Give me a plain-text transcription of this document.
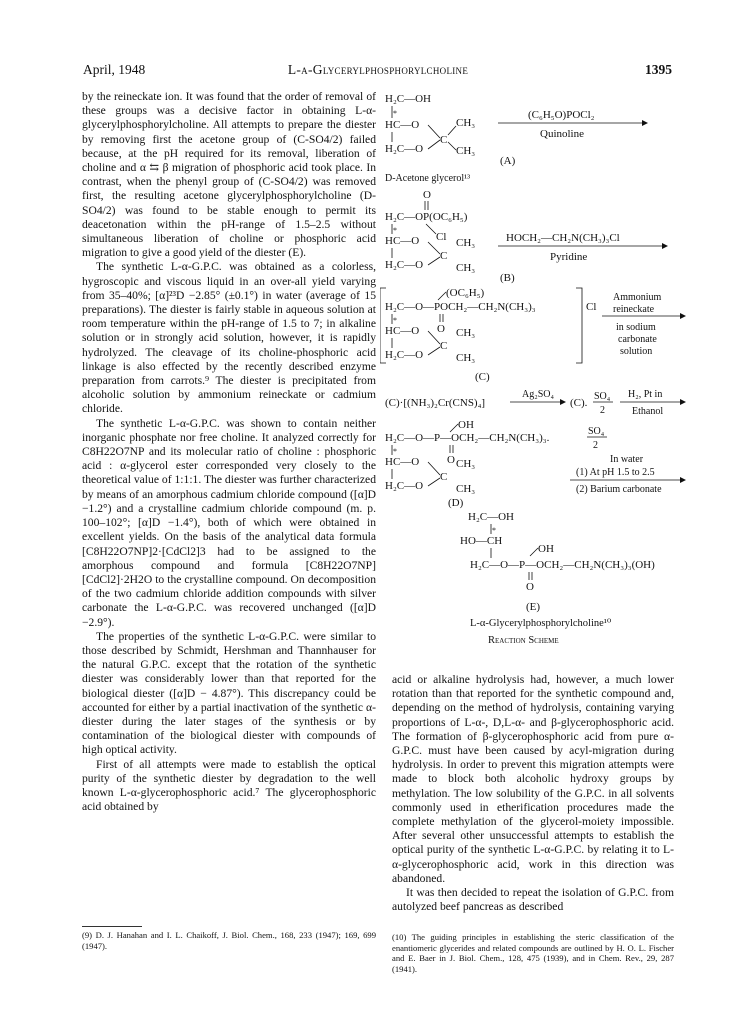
April, 1948	L-α-Glycerylphosphorylcholine	1395

by the reineckate ion. It was found that the order of removal of these groups was a decisive factor in obtaining L-α-glycerylphosphorylcholine. All attempts to prepare the diester by removing first the acetone group of (C-SO4/2) failed because, at the pH required for its removal, liberation of choline and α ⇆ β migration of phosphoric acid took place. In contrast, when the phenyl group of (C-SO4/2) was removed first, the resulting acetone glycerylphosphorylcholine (D-SO4/2) was found to be stable enough to permit its deacetonation within the pH-range of 1.5–2.5 without simultaneous liberation of choline or phosphoric acid migration to give a good yield of the diester (E).

The synthetic L-α-G.P.C. was obtained as a colorless, hygroscopic and viscous liquid in an over-all yield varying from 35–40%; [α]²³D −2.85° (±0.1°) in water (average of 15 preparations). The diester is fairly stable in aqueous solution at room temperature within the pH-range of 1.5 to 7; in alkaline solution or in strongly acid solution, however, it is rapidly hydrolyzed. The cleavage of its choline-phosphoric acid linkage is also effected by the recently described enzyme preparation from carrots.⁹ The diester is precipitated from alcoholic solution by ammonium reineckate or cadmium chloride.

The synthetic L-α-G.P.C. was shown to contain neither inorganic phosphate nor free choline. It analyzed correctly for C8H22O7NP and its molecular ratio of choline : phosphoric acid : α-glycerol ester corresponded very closely to the theoretical value of 1:1:1. The diester was further characterized by means of an amorphous cadmium chloride compound ([α]D −1.2°) and a crystalline cadmium chloride compound (m. p. 100–102°; [α]D −1.4°), both of which were obtained in excellent yields. On the basis of the analytical data formula [C8H22O7NP]2·[CdCl2]3 had to be assigned to the amorphous compound and formula [C8H22O7NP][CdCl2]·2H2O to the crystalline compound. On decomposition of the two cadmium chloride addition compounds with silver carbonate the L-α-G.P.C. was recovered unchanged ([α]D −2.9°).

The properties of the synthetic L-α-G.P.C. were similar to those described by Schmidt, Hershman and Thannhauser for the natural G.P.C. except that the rotation of the synthetic diester was considerably lower than that reported for the biological diester ([α]D − 4.87°). This discrepancy could be accounted for either by a partial inactivation of the synthetic α-diester during the later stages of the synthesis or by contamination of the biological diester with compounds of high optical activity.

First of all attempts were made to establish the optical purity of the synthetic diester by degradation to the well known L-α-glycerophosphoric acid.⁷ The glycerophosphoric acid obtained by

(9) D. J. Hanahan and I. L. Chaikoff, J. Biol. Chem., 168, 233 (1947); 169, 699 (1947).
H₂C—OH
*
HC—O
H₂C—O
C
CH₃
CH₃
(C₆H₅O)POCl₂
Quinoline
(A)
D-Acetone glycerol¹³
O
H₂C—OP(OC₆H₅)
*
HC—O Cl
H₂C—O
C
CH₃
CH₃
HOCH₂—CH₂N(CH₃)₃Cl
Pyridine
(B)
(OC₆H₅)
H₂C—O—POCH₂—CH₂N(CH₃)₃	Cl
O
*
HC—O
H₂C—O
C
CH₃
CH₃
Ammonium
reineckate
in sodium
carbonate
solution
(C)
(C)·[(NH₃)₂Cr(CNS)₄]
Ag₂SO₄
(C).
SO₄
2
H₂, Pt in
Ethanol
OH
H₂C—O—P—OCH₂—CH₂N(CH₃)₃.
SO₄
2
O
*
HC—O
H₂C—O
C
CH₃
CH₃
(D)
In water
(1) At pH 1.5 to 2.5
(2) Barium carbonate
H₂C—OH
*
HO—CH
OH
H₂C—O—P—OCH₂—CH₂N(CH₃)₃(OH)
O
(E)
L-α-Glycerylphosphorylcholine¹⁰
Reaction Scheme

acid or alkaline hydrolysis had, however, a much lower rotation than that reported for the synthetic compound and, depending on the method of hydrolysis, containing varying proportions of L-α-, D,L-α- and β-glycerophosphoric acid. The formation of β-glycerophosphoric acid from pure α-G.P.C. must have been caused by acyl-migration during hydrolysis. In order to prevent this migration attempts were made to block both alcoholic hydroxy groups by methylation. The low solubility of the G.P.C. in all solvents commonly used in etherification procedures made the complete methylation of the glycerol-moiety impossible. After several other unsuccessful attempts to establish the optical purity of the synthetic L-α-G.P.C. by relating it to L-α-glycerophosphoric acid, work in this direction was abandoned.

It was then decided to repeat the isolation of G.P.C. from autolyzed beef pancreas as described

(10) The guiding principles in establishing the steric classification of the enantiomeric glycerides and related compounds are outlined by H. O. L. Fischer and E. Baer in J. Biol. Chem., 128, 475 (1939), and in Chem. Rev., 29, 287 (1941).
